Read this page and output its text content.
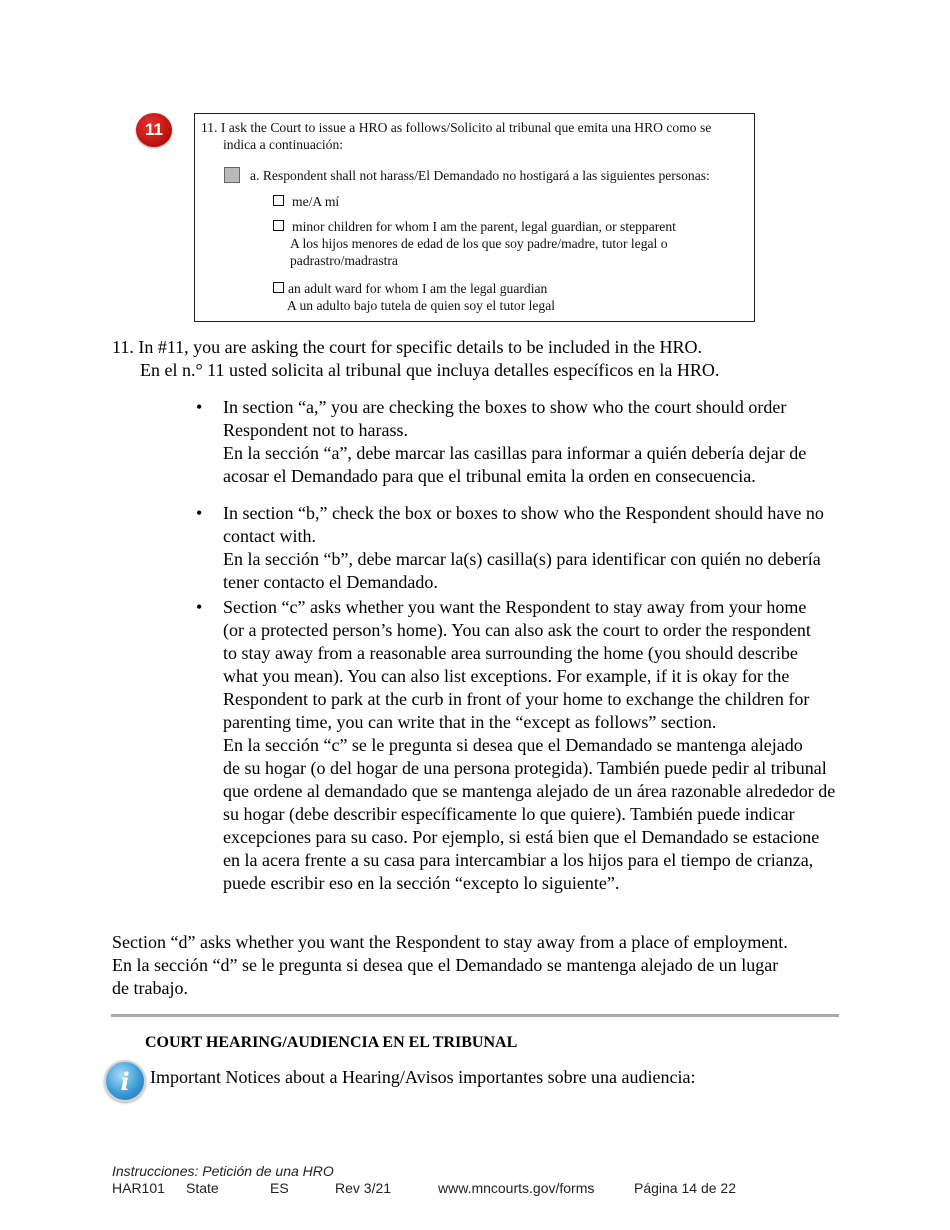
11	11. I ask the Court to issue a HRO as follows/Solicito al tribunal que emita una HRO como se
indica a continuación:
a. Respondent shall not harass/El Demandado no hostigará a las siguientes personas:
me/A mí
minor children for whom I am the parent, legal guardian, or stepparent
A los hijos menores de edad de los que soy padre/madre, tutor legal o
padrastro/madrastra
an adult ward for whom I am the legal guardian
A un adulto bajo tutela de quien soy el tutor legal
11. In #11, you are asking the court for specific details to be included in the HRO.
En el n.° 11 usted solicita al tribunal que incluya detalles específicos en la HRO.
•	In section “a,” you are checking the boxes to show who the court should order
Respondent not to harass.
En la sección “a”, debe marcar las casillas para informar a quién debería dejar de
acosar el Demandado para que el tribunal emita la orden en consecuencia.
•	In section “b,” check the box or boxes to show who the Respondent should have no
contact with.
En la sección “b”, debe marcar la(s) casilla(s) para identificar con quién no debería
tener contacto el Demandado.
•	Section “c” asks whether you want the Respondent to stay away from your home
(or a protected person’s home). You can also ask the court to order the respondent
to stay away from a reasonable area surrounding the home (you should describe
what you mean). You can also list exceptions. For example, if it is okay for the
Respondent to park at the curb in front of your home to exchange the children for
parenting time, you can write that in the “except as follows” section.
En la sección “c” se le pregunta si desea que el Demandado se mantenga alejado
de su hogar (o del hogar de una persona protegida). También puede pedir al tribunal
que ordene al demandado que se mantenga alejado de un área razonable alrededor de
su hogar (debe describir específicamente lo que quiere). También puede indicar
excepciones para su caso. Por ejemplo, si está bien que el Demandado se estacione
en la acera frente a su casa para intercambiar a los hijos para el tiempo de crianza,
puede escribir eso en la sección “excepto lo siguiente”.
Section “d” asks whether you want the Respondent to stay away from a place of employment.
En la sección “d” se le pregunta si desea que el Demandado se mantenga alejado de un lugar
de trabajo.
COURT HEARING/AUDIENCIA EN EL TRIBUNAL
i Important Notices about a Hearing/Avisos importantes sobre una audiencia:
Instrucciones: Petición de una HRO
HAR101 State	ES	Rev 3/21	www.mncourts.gov/forms	Página 14 de 22
